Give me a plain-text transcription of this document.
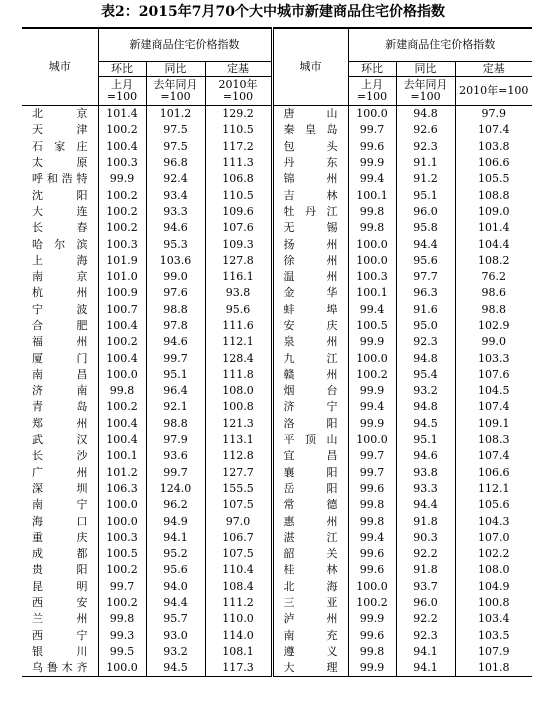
表2：2015年7月70个大中城市新建商品住宅价格指数
城市	新建商品住宅价格指数			城市	新建商品住宅价格指数		
	环比	同比	定基		环比	同比	定基
	上月=100	去年同月=100	2010年=100		上月=100	去年同月=100	2010年=100
北京	101.4	101.2	129.2	唐山	100.0	94.8	97.9
天津	100.2	97.5	110.5	秦皇岛	99.7	92.6	107.4
石家庄	100.4	97.5	117.2	包头	99.6	92.3	103.8
太原	100.3	96.8	111.3	丹东	99.9	91.1	106.6
呼和浩特	99.9	92.4	106.8	锦州	99.4	91.2	105.5
沈阳	100.2	93.4	110.5	吉林	100.1	95.1	108.8
大连	100.2	93.3	109.6	牡丹江	99.8	96.0	109.0
长春	100.2	94.6	107.6	无锡	99.8	95.8	101.4
哈尔滨	100.3	95.3	109.3	扬州	100.0	94.4	104.4
上海	101.9	103.6	127.8	徐州	100.0	95.6	108.2
南京	101.0	99.0	116.1	温州	100.3	97.7	76.2
杭州	100.9	97.6	93.8	金华	100.1	96.3	98.6
宁波	100.7	98.8	95.6	蚌埠	99.4	91.6	98.8
合肥	100.4	97.8	111.6	安庆	100.5	95.0	102.9
福州	100.2	94.6	112.1	泉州	99.9	92.3	99.0
厦门	100.4	99.7	128.4	九江	100.0	94.8	103.3
南昌	100.0	95.1	111.8	赣州	100.2	95.4	107.6
济南	99.8	96.4	108.0	烟台	99.9	93.2	104.5
青岛	100.2	92.1	100.8	济宁	99.4	94.8	107.4
郑州	100.4	98.8	121.3	洛阳	99.9	94.5	109.1
武汉	100.4	97.9	113.1	平顶山	100.0	95.1	108.3
长沙	100.1	93.6	112.8	宜昌	99.7	94.6	107.4
广州	101.2	99.7	127.7	襄阳	99.7	93.8	106.6
深圳	106.3	124.0	155.5	岳阳	99.6	93.3	112.1
南宁	100.0	96.2	107.5	常德	99.8	94.4	105.6
海口	100.0	94.9	97.0	惠州	99.8	91.8	104.3
重庆	100.3	94.1	106.7	湛江	99.4	90.3	107.0
成都	100.5	95.2	107.5	韶关	99.6	92.2	102.2
贵阳	100.2	95.6	110.4	桂林	99.6	91.8	108.0
昆明	99.7	94.0	108.4	北海	100.0	93.7	104.9
西安	100.2	94.4	111.2	三亚	100.2	96.0	100.8
兰州	99.8	95.7	110.0	泸州	99.9	92.2	103.4
西宁	99.3	93.0	114.0	南充	99.6	92.3	103.5
银川	99.5	93.2	108.1	遵义	99.8	94.1	107.9
乌鲁木齐	100.0	94.5	117.3	大理	99.9	94.1	101.8
